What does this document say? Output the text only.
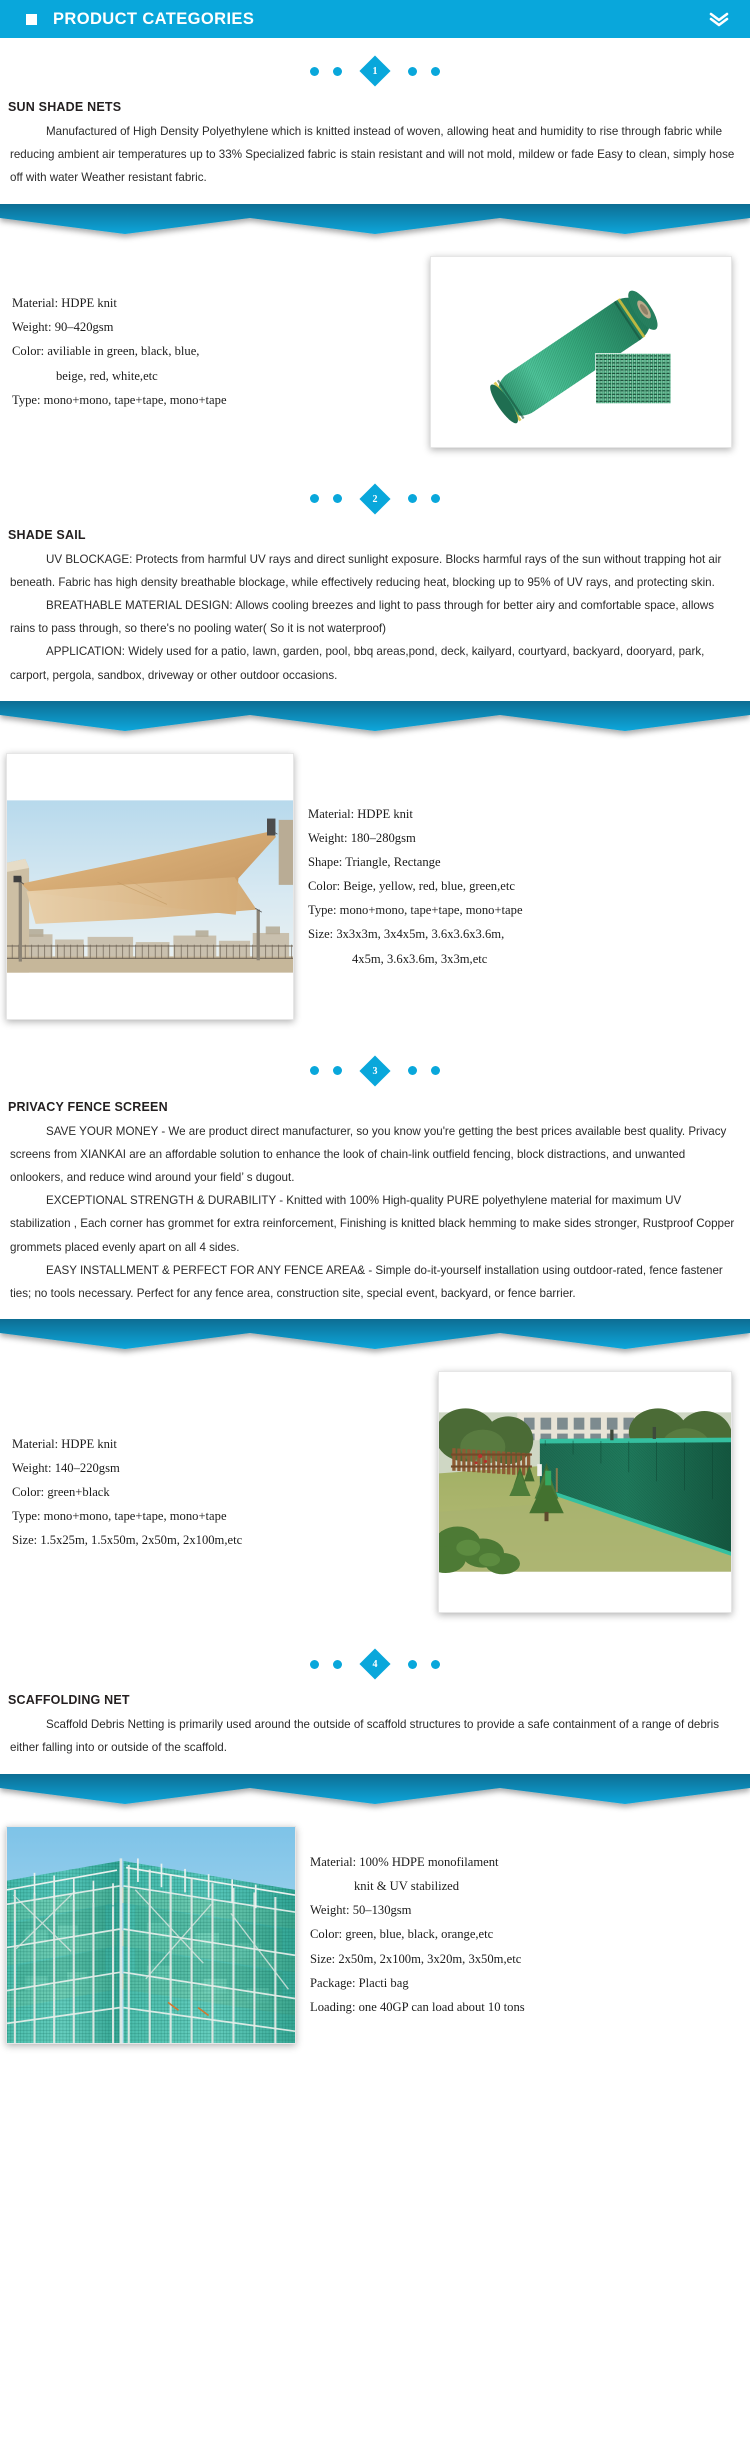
PRODUCT CATEGORIES
1
SUN SHADE NETS

Manufactured of High Density Polyethylene which is knitted instead of woven, allowing heat and humidity to rise through fabric while reducing ambient air temperatures up to 33% Specialized fabric is stain resistant and will not mold, mildew or fade Easy to clean, simply hose off with water Weather resistant fabric.

Material: HDPE knit
Weight: 90–420gsm
Color: aviliable in green, black, blue,
beige, red, white,etc
Type: mono+mono, tape+tape, mono+tape
2
SHADE SAIL

UV BLOCKAGE: Protects from harmful UV rays and direct sunlight exposure. Blocks harmful rays of the sun without trapping hot air beneath. Fabric has high density breathable blockage, while effectively reducing heat, blocking up to 95% of UV rays, and protecting skin.

BREATHABLE MATERIAL DESIGN: Allows cooling breezes and light to pass through for better airy and comfortable space, allows rains to pass through, so there's no pooling water( So it is not waterproof)

APPLICATION: Widely used for a patio, lawn, garden, pool, bbq areas,pond, deck, kailyard, courtyard, backyard, dooryard, park, carport, pergola, sandbox, driveway or other outdoor occasions.

Material: HDPE knit
Weight: 180–280gsm
Shape: Triangle, Rectange
Color: Beige, yellow, red, blue, green,etc
Type: mono+mono, tape+tape, mono+tape
Size: 3x3x3m, 3x4x5m, 3.6x3.6x3.6m,
4x5m, 3.6x3.6m, 3x3m,etc
3
PRIVACY FENCE SCREEN

SAVE YOUR MONEY - We are product direct manufacturer, so you know you're getting the best prices available best quality. Privacy screens from XIANKAI are an affordable solution to enhance the look of chain-link outfield fencing, block distractions, and unwanted onlookers, and reduce wind around your field’ s dugout.

EXCEPTIONAL STRENGTH & DURABILITY - Knitted with 100% High-quality PURE polyethylene material for maximum UV stabilization , Each corner has grommet for extra reinforcement, Finishing is knitted black hemming to make sides stronger, Rustproof Copper grommets placed evenly apart on all 4 sides.

EASY INSTALLMENT & PERFECT FOR ANY FENCE AREA& - Simple do-it-yourself installation using outdoor-rated, fence fastener ties; no tools necessary. Perfect for any fence area, construction site, special event, backyard, or fence barrier.

Material: HDPE knit
Weight: 140–220gsm
Color: green+black
Type: mono+mono, tape+tape, mono+tape
Size: 1.5x25m, 1.5x50m, 2x50m, 2x100m,etc
4
SCAFFOLDING NET

Scaffold Debris Netting is primarily used around the outside of scaffold structures to provide a safe containment of a range of debris either falling into or outside of the scaffold.

Material: 100% HDPE monofilament
knit & UV stabilized
Weight: 50–130gsm
Color: green, blue, black, orange,etc
Size: 2x50m, 2x100m, 3x20m, 3x50m,etc
Package: Placti bag
Loading: one 40GP can load about 10 tons
